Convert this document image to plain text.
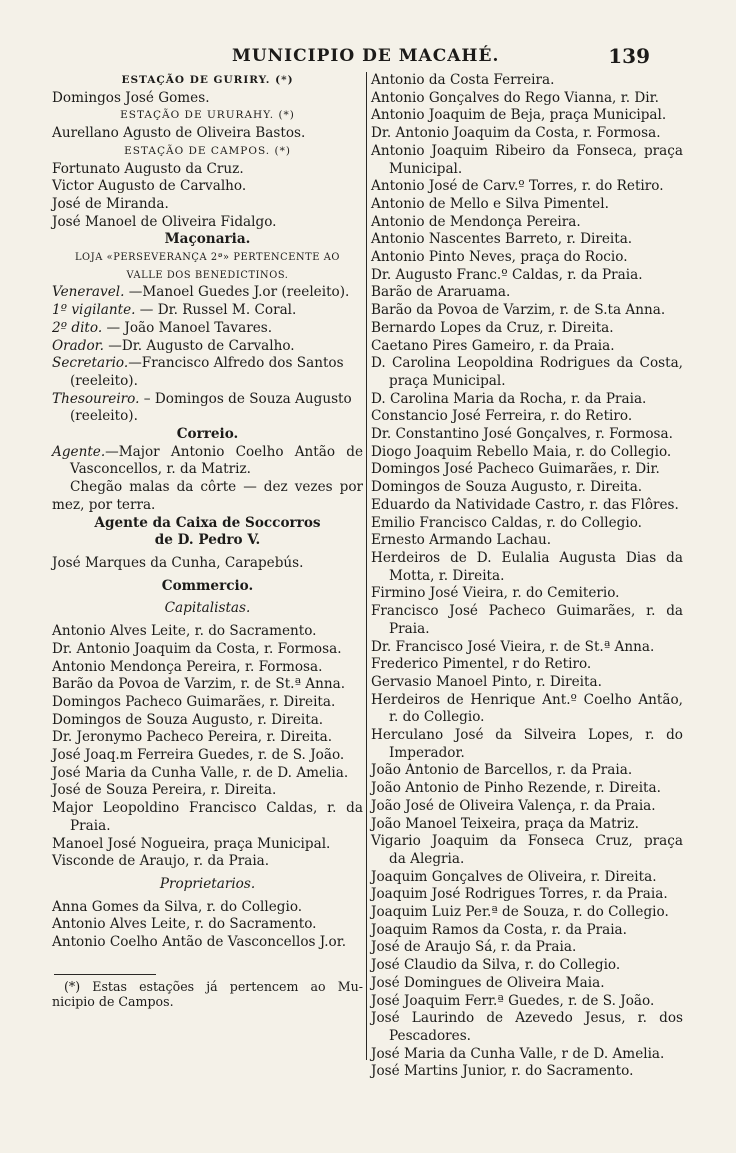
MUNICIPIO DE MACAHÉ.	139
ESTAÇÃO DE GURIRY. (*)
Domingos José Gomes.
ESTAÇÃO DE URURAHY. (*)
Aurellano Agusto de Oliveira Bastos.
ESTAÇÃO DE CAMPOS. (*)
Fortunato Augusto da Cruz.
Victor Augusto de Carvalho.
José de Miranda.
José Manoel de Oliveira Fidalgo.
Maçonaria.
LOJA «PERSEVERANÇA 2ª» PERTENCENTE AO
VALLE DOS BENEDICTINOS.
Veneravel. —Manoel Guedes J.or (reeleito).
1º vigilante. — Dr. Russel M. Coral.
2º dito. — João Manoel Tavares.
Orador. —Dr. Augusto de Carvalho.
Secretario.—Francisco Alfredo dos Santos
(reeleito).
Thesoureiro. – Domingos de Souza Augusto
(reeleito).
Correio.
Agente.—Major Antonio Coelho Antão de
Vasconcellos, r. da Matriz.
Chegão malas da côrte — dez vezes por
mez, por terra.
Agente da Caixa de Soccorros
de D. Pedro V.
José Marques da Cunha, Carapebús.
Commercio.
Capitalistas.
Antonio Alves Leite, r. do Sacramento.
Dr. Antonio Joaquim da Costa, r. Formosa.
Antonio Mendonça Pereira, r. Formosa.
Barão da Povoa de Varzim, r. de St.ª Anna.
Domingos Pacheco Guimarães, r. Direita.
Domingos de Souza Augusto, r. Direita.
Dr. Jeronymo Pacheco Pereira, r. Direita.
José Joaq.m Ferreira Guedes, r. de S. João.
José Maria da Cunha Valle, r. de D. Amelia.
José de Souza Pereira, r. Direita.
Major Leopoldino Francisco Caldas, r. da
Praia.
Manoel José Nogueira, praça Municipal.
Visconde de Araujo, r. da Praia.
Proprietarios.
Anna Gomes da Silva, r. do Collegio.
Antonio Alves Leite, r. do Sacramento.
Antonio Coelho Antão de Vasconcellos J.or.
(*) Estas estações já pertencem ao Mu-
nicipio de Campos.
Antonio da Costa Ferreira.
Antonio Gonçalves do Rego Vianna, r. Dir.
Antonio Joaquim de Beja, praça Municipal.
Dr. Antonio Joaquim da Costa, r. Formosa.
Antonio Joaquim Ribeiro da Fonseca, praça
Municipal.
Antonio José de Carv.º Torres, r. do Retiro.
Antonio de Mello e Silva Pimentel.
Antonio de Mendonça Pereira.
Antonio Nascentes Barreto, r. Direita.
Antonio Pinto Neves, praça do Rocio.
Dr. Augusto Franc.º Caldas, r. da Praia.
Barão de Araruama.
Barão da Povoa de Varzim, r. de S.ta Anna.
Bernardo Lopes da Cruz, r. Direita.
Caetano Pires Gameiro, r. da Praia.
D. Carolina Leopoldina Rodrigues da Costa,
praça Municipal.
D. Carolina Maria da Rocha, r. da Praia.
Constancio José Ferreira, r. do Retiro.
Dr. Constantino José Gonçalves, r. Formosa.
Diogo Joaquim Rebello Maia, r. do Collegio.
Domingos José Pacheco Guimarães, r. Dir.
Domingos de Souza Augusto, r. Direita.
Eduardo da Natividade Castro, r. das Flôres.
Emilio Francisco Caldas, r. do Collegio.
Ernesto Armando Lachau.
Herdeiros de D. Eulalia Augusta Dias da
Motta, r. Direita.
Firmino José Vieira, r. do Cemiterio.
Francisco José Pacheco Guimarães, r. da
Praia.
Dr. Francisco José Vieira, r. de St.ª Anna.
Frederico Pimentel, r do Retiro.
Gervasio Manoel Pinto, r. Direita.
Herdeiros de Henrique Ant.º Coelho Antão,
r. do Collegio.
Herculano José da Silveira Lopes, r. do
Imperador.
João Antonio de Barcellos, r. da Praia.
João Antonio de Pinho Rezende, r. Direita.
João José de Oliveira Valença, r. da Praia.
João Manoel Teixeira, praça da Matriz.
Vigario Joaquim da Fonseca Cruz, praça
da Alegria.
Joaquim Gonçalves de Oliveira, r. Direita.
Joaquim José Rodrigues Torres, r. da Praia.
Joaquim Luiz Per.ª de Souza, r. do Collegio.
Joaquim Ramos da Costa, r. da Praia.
José de Araujo Sá, r. da Praia.
José Claudio da Silva, r. do Collegio.
José Domingues de Oliveira Maia.
José Joaquim Ferr.ª Guedes, r. de S. João.
José Laurindo de Azevedo Jesus, r. dos
Pescadores.
José Maria da Cunha Valle, r de D. Amelia.
José Martins Junior, r. do Sacramento.
